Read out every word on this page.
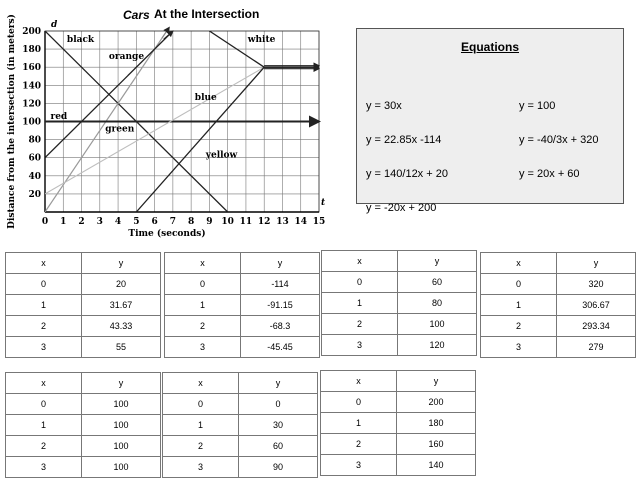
1 2 3 4 5 6 7 8 9 10 11 12 13 14 15
20
40
60
80
100
120
140
160
180
200
0
t
d
Time (seconds)
Distance from the intersection (in meters)	Cars At the Intersection
black
orange
green
red
blue
yellow
white
Equations
y = 30x	y = 100
y = 22.85x -114	y = -40/3x + 320
y = 140/12x + 20	y = 20x + 60
y = -20x + 200
x	y
0	20
1	31.67
2	43.33
3	55
x	y
0	-114
1	-91.15
2	-68.3
3	-45.45
x	y
0	60
1	80
2	100
3	120
x	y
0	320
1	306.67
2	293.34
3	279
x	y
0	100
1	100
2	100
3	100
x	y
0	0
1	30
2	60
3	90
x	y
0	200
1	180
2	160
3	140
